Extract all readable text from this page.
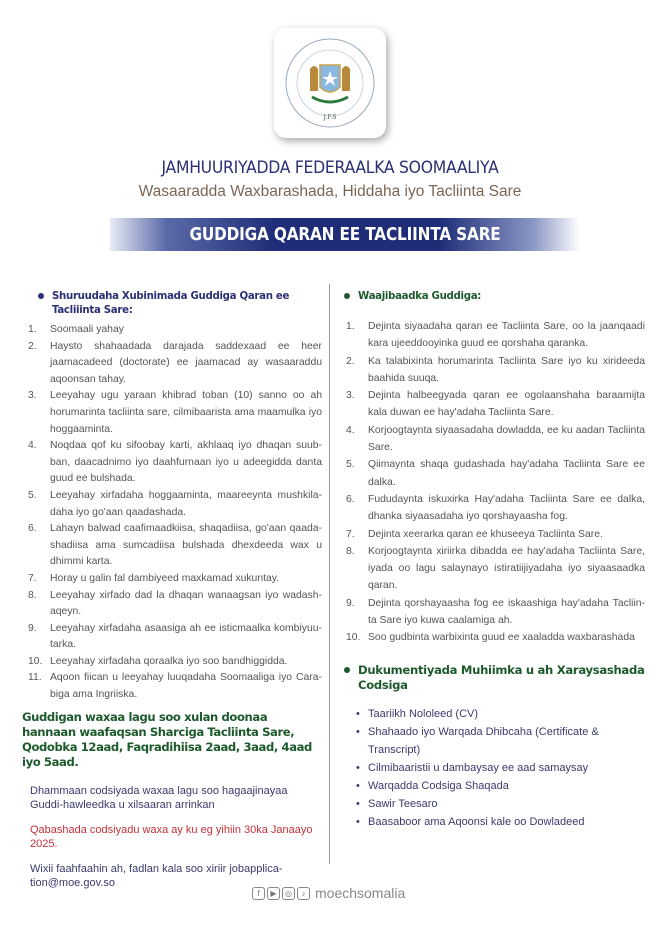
J.F.S
JAMHUURIYADDA FEDERAALKA SOOMAALIYA
Wasaaradda Waxbarashada, Hiddaha iyo Tacliinta Sare
GUDDIGA QARAN EE TACLIINTA SARE
Shuruudaha Xubinimada Guddiga Qaran ee
Tacliiinta Sare:
1.	Soomaali yahay
2.	Haysto shahaadada darajada saddexaad ee heer jaamacadeed (doctorate) ee jaamacad ay wasaaraddu aqoonsan tahay.
3.	Leeyahay ugu yaraan khibrad toban (10) sanno oo ah horumarinta tacliinta sare, cilmibaarista ama maamulka iyo hoggaaminta.
4.	Noqdaa qof ku sifoobay karti, akhlaaq iyo dhaqan suub-ban, daacadnimo iyo daahfurnaan iyo u adeegidda danta guud ee bulshada.
5.	Leeyahay xirfadaha hoggaaminta, maareeynta mushkila-daha iyo go'aan qaadashada.
6.	Lahayn balwad caafimaadkiisa, shaqadiisa, go'aan qaada-shadiisa ama sumcadiisa bulshada dhexdeeda wax u dhimmi karta.
7.	Horay u galin fal dambiyeed maxkamad xukuntay.
8.	Leeyahay xirfado dad la dhaqan wanaagsan iyo wadash-aqeyn.
9.	Leeyahay xirfadaha asaasiga ah ee isticmaalka kombiyuu-tarka.
10. Leeyahay xirfadaha qoraalka iyo soo bandhiggidda.
11. Aqoon fiican u leeyahay luuqadaha Soomaaliga iyo Cara-biga ama Ingriiska.
Guddigan waxaa lagu soo xulan doonaa hannaan waafaqsan Sharciga Tacliinta Sare, Qodobka 12aad, Faqradihiisa 2aad, 3aad, 4aad iyo 5aad.
Dhammaan codsiyada waxaa lagu soo hagaajinayaa Guddi-hawleedka u xilsaaran arrinkan
Qabashada codsiyadu waxa ay ku eg yihiin 30ka Janaayo 2025.
Wixii faahfaahin ah, fadlan kala soo xiriir jobapplica-tion@moe.gov.so
Waajibaadka Guddiga:
1.	Dejinta siyaadaha qaran ee Tacliinta Sare, oo la jaanqaadi kara ujeeddooyinka guud ee qorshaha qaranka.
2.	Ka talabixinta horumarinta Tacliinta Sare iyo ku xirideeda baahida suuqa.
3.	Dejinta halbeegyada qaran ee ogolaanshaha baraamijta kala duwan ee hay'adaha Tacliinta Sare.
4.	Korjoogtaynta siyaasadaha dowladda, ee ku aadan Tacliinta Sare.
5.	Qiimaynta shaqa gudashada hay'adaha Tacliinta Sare ee dalka.
6.	Fududaynta iskuxirka Hay'adaha Tacliinta Sare ee dalka, dhanka siyaasadaha iyo qorshayaasha fog.
7.	Dejinta xeerarka qaran ee khuseeya Tacliinta Sare.
8.	Korjoogtaynta xiriirka dibadda ee hay'adaha Tacliinta Sare, iyada oo lagu salaynayo istiratiijiyadaha iyo siyaasaadka qaran.
9.	Dejinta qorshayaasha fog ee iskaashiga hay'adaha Tacliin-ta Sare iyo kuwa caalamiga ah.
10. Soo gudbinta warbixinta guud ee xaaladda waxbarashada
Dukumentiyada Muhiimka u ah Xaraysashada Codsiga
• Taariikh Nololeed (CV)
• Shahaado iyo Warqada Dhibcaha (Certificate & Transcript)
• Cilmibaaristii u dambaysay ee aad samaysay
• Warqadda Codsiga Shaqada
• Sawir Teesaro
• Baasaboor ama Aqoonsi kale oo Dowladeed
f	▶	◎	♪ moechsomalia
